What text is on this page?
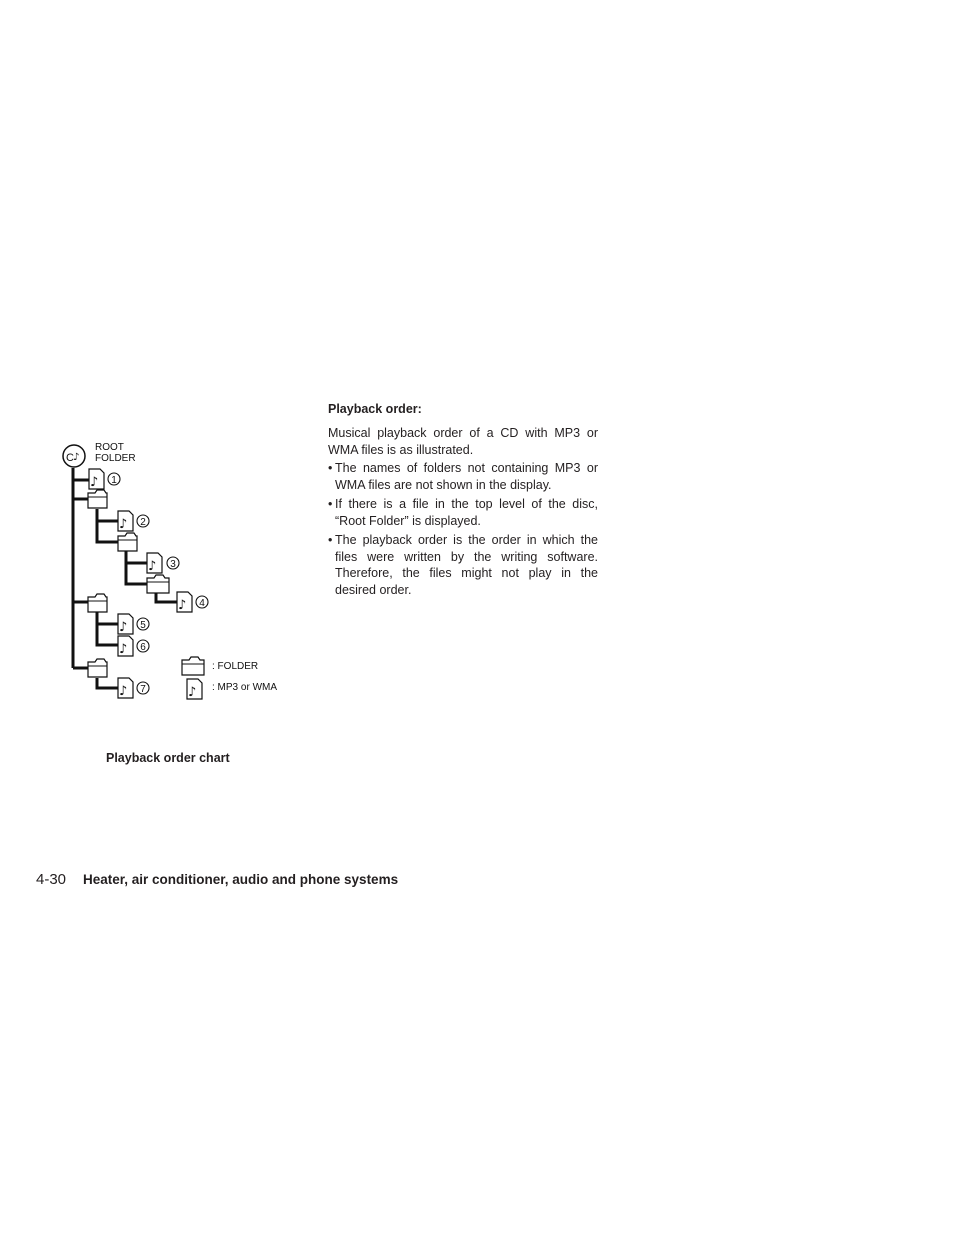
C ♪
ROOT
FOLDER
♪
♪
♪
♪
♪
♪
♪
1
2
3
4
5
6
7
: FOLDER
♪ : MP3 or WMA
Playback order chart
Playback order:
Musical playback order of a CD with MP3 or WMA files is as illustrated.
• The names of folders not containing MP3 or WMA files are not shown in the display.
• If there is a file in the top level of the disc, “Root Folder” is displayed.
• The playback order is the order in which the files were written by the writing software. Therefore, the files might not play in the desired order.
4-30 Heater, air conditioner, audio and phone systems
